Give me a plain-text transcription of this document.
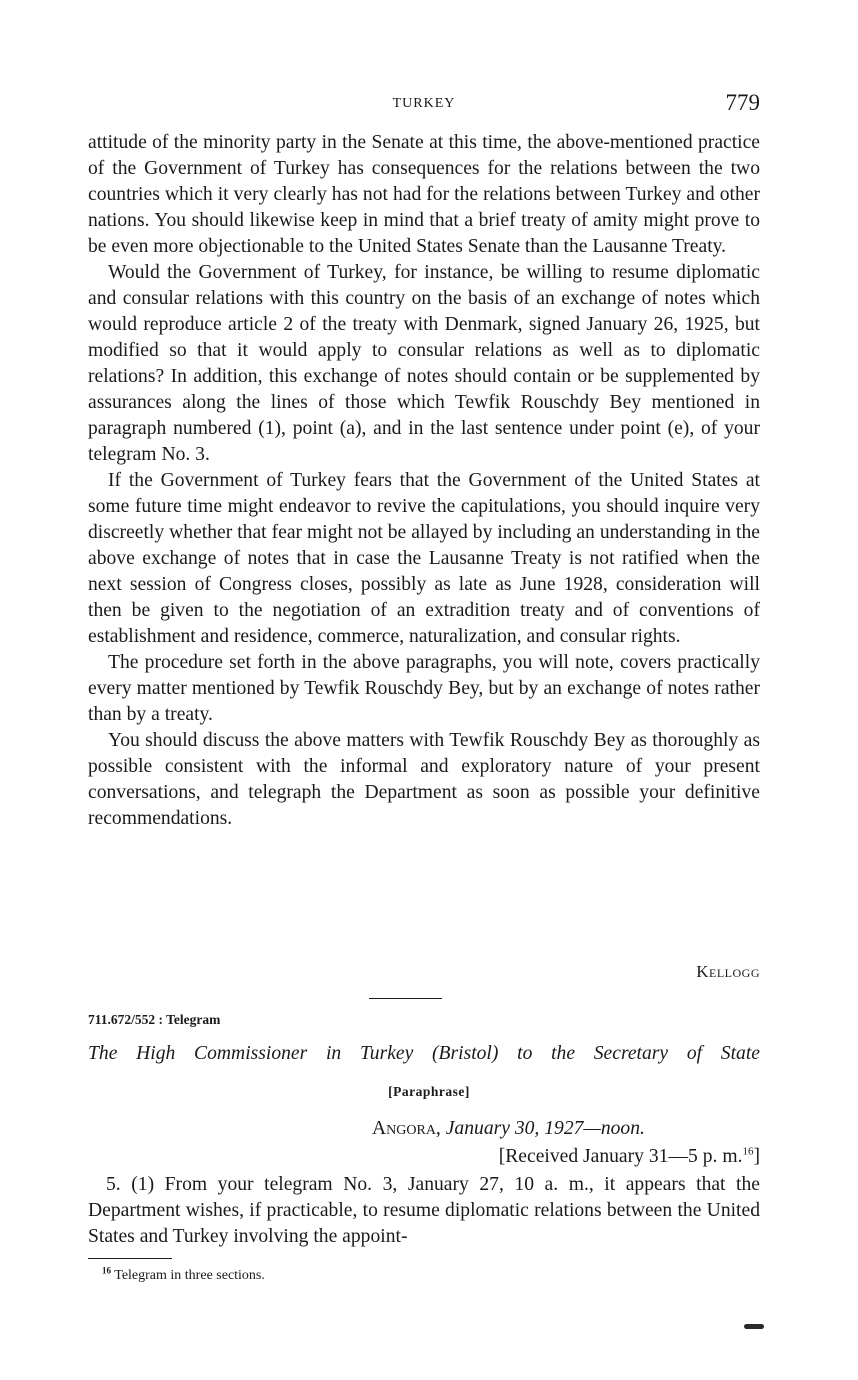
TURKEY	779

attitude of the minority party in the Senate at this time, the above-mentioned practice of the Government of Turkey has consequences for the relations between the two countries which it very clearly has not had for the relations between Turkey and other nations. You should likewise keep in mind that a brief treaty of amity might prove to be even more objectionable to the United States Senate than the Lausanne Treaty.

Would the Government of Turkey, for instance, be willing to resume diplomatic and consular relations with this country on the basis of an exchange of notes which would reproduce article 2 of the treaty with Denmark, signed January 26, 1925, but modified so that it would apply to consular relations as well as to diplomatic relations? In addition, this exchange of notes should contain or be supplemented by assurances along the lines of those which Tewfik Rouschdy Bey mentioned in paragraph numbered (1), point (a), and in the last sentence under point (e), of your telegram No. 3.

If the Government of Turkey fears that the Government of the United States at some future time might endeavor to revive the capitulations, you should inquire very discreetly whether that fear might not be allayed by including an understanding in the above exchange of notes that in case the Lausanne Treaty is not ratified when the next session of Congress closes, possibly as late as June 1928, consideration will then be given to the negotiation of an extradition treaty and of conventions of establishment and residence, commerce, naturalization, and consular rights.

The procedure set forth in the above paragraphs, you will note, covers practically every matter mentioned by Tewfik Rouschdy Bey, but by an exchange of notes rather than by a treaty.

You should discuss the above matters with Tewfik Rouschdy Bey as thoroughly as possible consistent with the informal and exploratory nature of your present conversations, and telegraph the Department as soon as possible your definitive recommendations.

Kellogg
711.672/552 : Telegram
The High Commissioner in Turkey (Bristol) to the Secretary of State
[Paraphrase]
Angora, January 30, 1927—noon.
[Received January 31—5 p. m.$^{16}$]

5. (1) From your telegram No. 3, January 27, 10 a. m., it appears that the Department wishes, if practicable, to resume diplomatic relations between the United States and Turkey involving the appoint-

$^{16}$ Telegram in three sections.
